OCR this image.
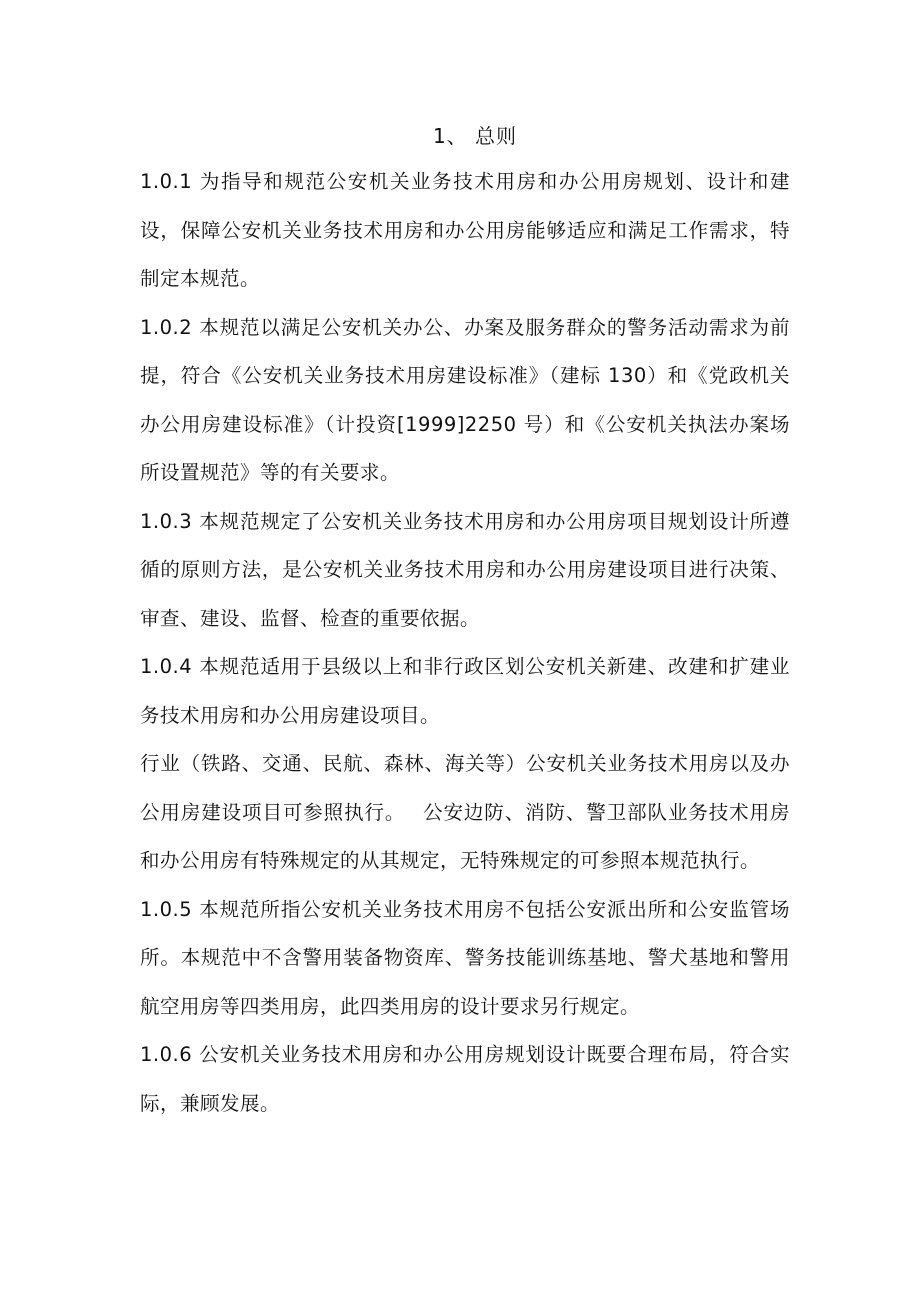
1、 总则

1.0.1 为指导和规范公安机关业务技术用房和办公用房规划、设计和建设，保障公安机关业务技术用房和办公用房能够适应和满足工作需求，特制定本规范。

1.0.2 本规范以满足公安机关办公、办案及服务群众的警务活动需求为前提，符合《公安机关业务技术用房建设标准》（建标 130）和《党政机关办公用房建设标准》（计投资[1999]2250 号）和《公安机关执法办案场所设置规范》等的有关要求。

1.0.3 本规范规定了公安机关业务技术用房和办公用房项目规划设计所遵循的原则方法，是公安机关业务技术用房和办公用房建设项目进行决策、审查、建设、监督、检查的重要依据。

1.0.4 本规范适用于县级以上和非行政区划公安机关新建、改建和扩建业务技术用房和办公用房建设项目。

行业（铁路、交通、民航、森林、海关等）公安机关业务技术用房以及办公用房建设项目可参照执行。　 公安边防、消防、警卫部队业务技术用房和办公用房有特殊规定的从其规定，无特殊规定的可参照本规范执行。

1.0.5 本规范所指公安机关业务技术用房不包括公安派出所和公安监管场所。本规范中不含警用装备物资库、警务技能训练基地、警犬基地和警用航空用房等四类用房，此四类用房的设计要求另行规定。

1.0.6 公安机关业务技术用房和办公用房规划设计既要合理布局，符合实际，兼顾发展。
